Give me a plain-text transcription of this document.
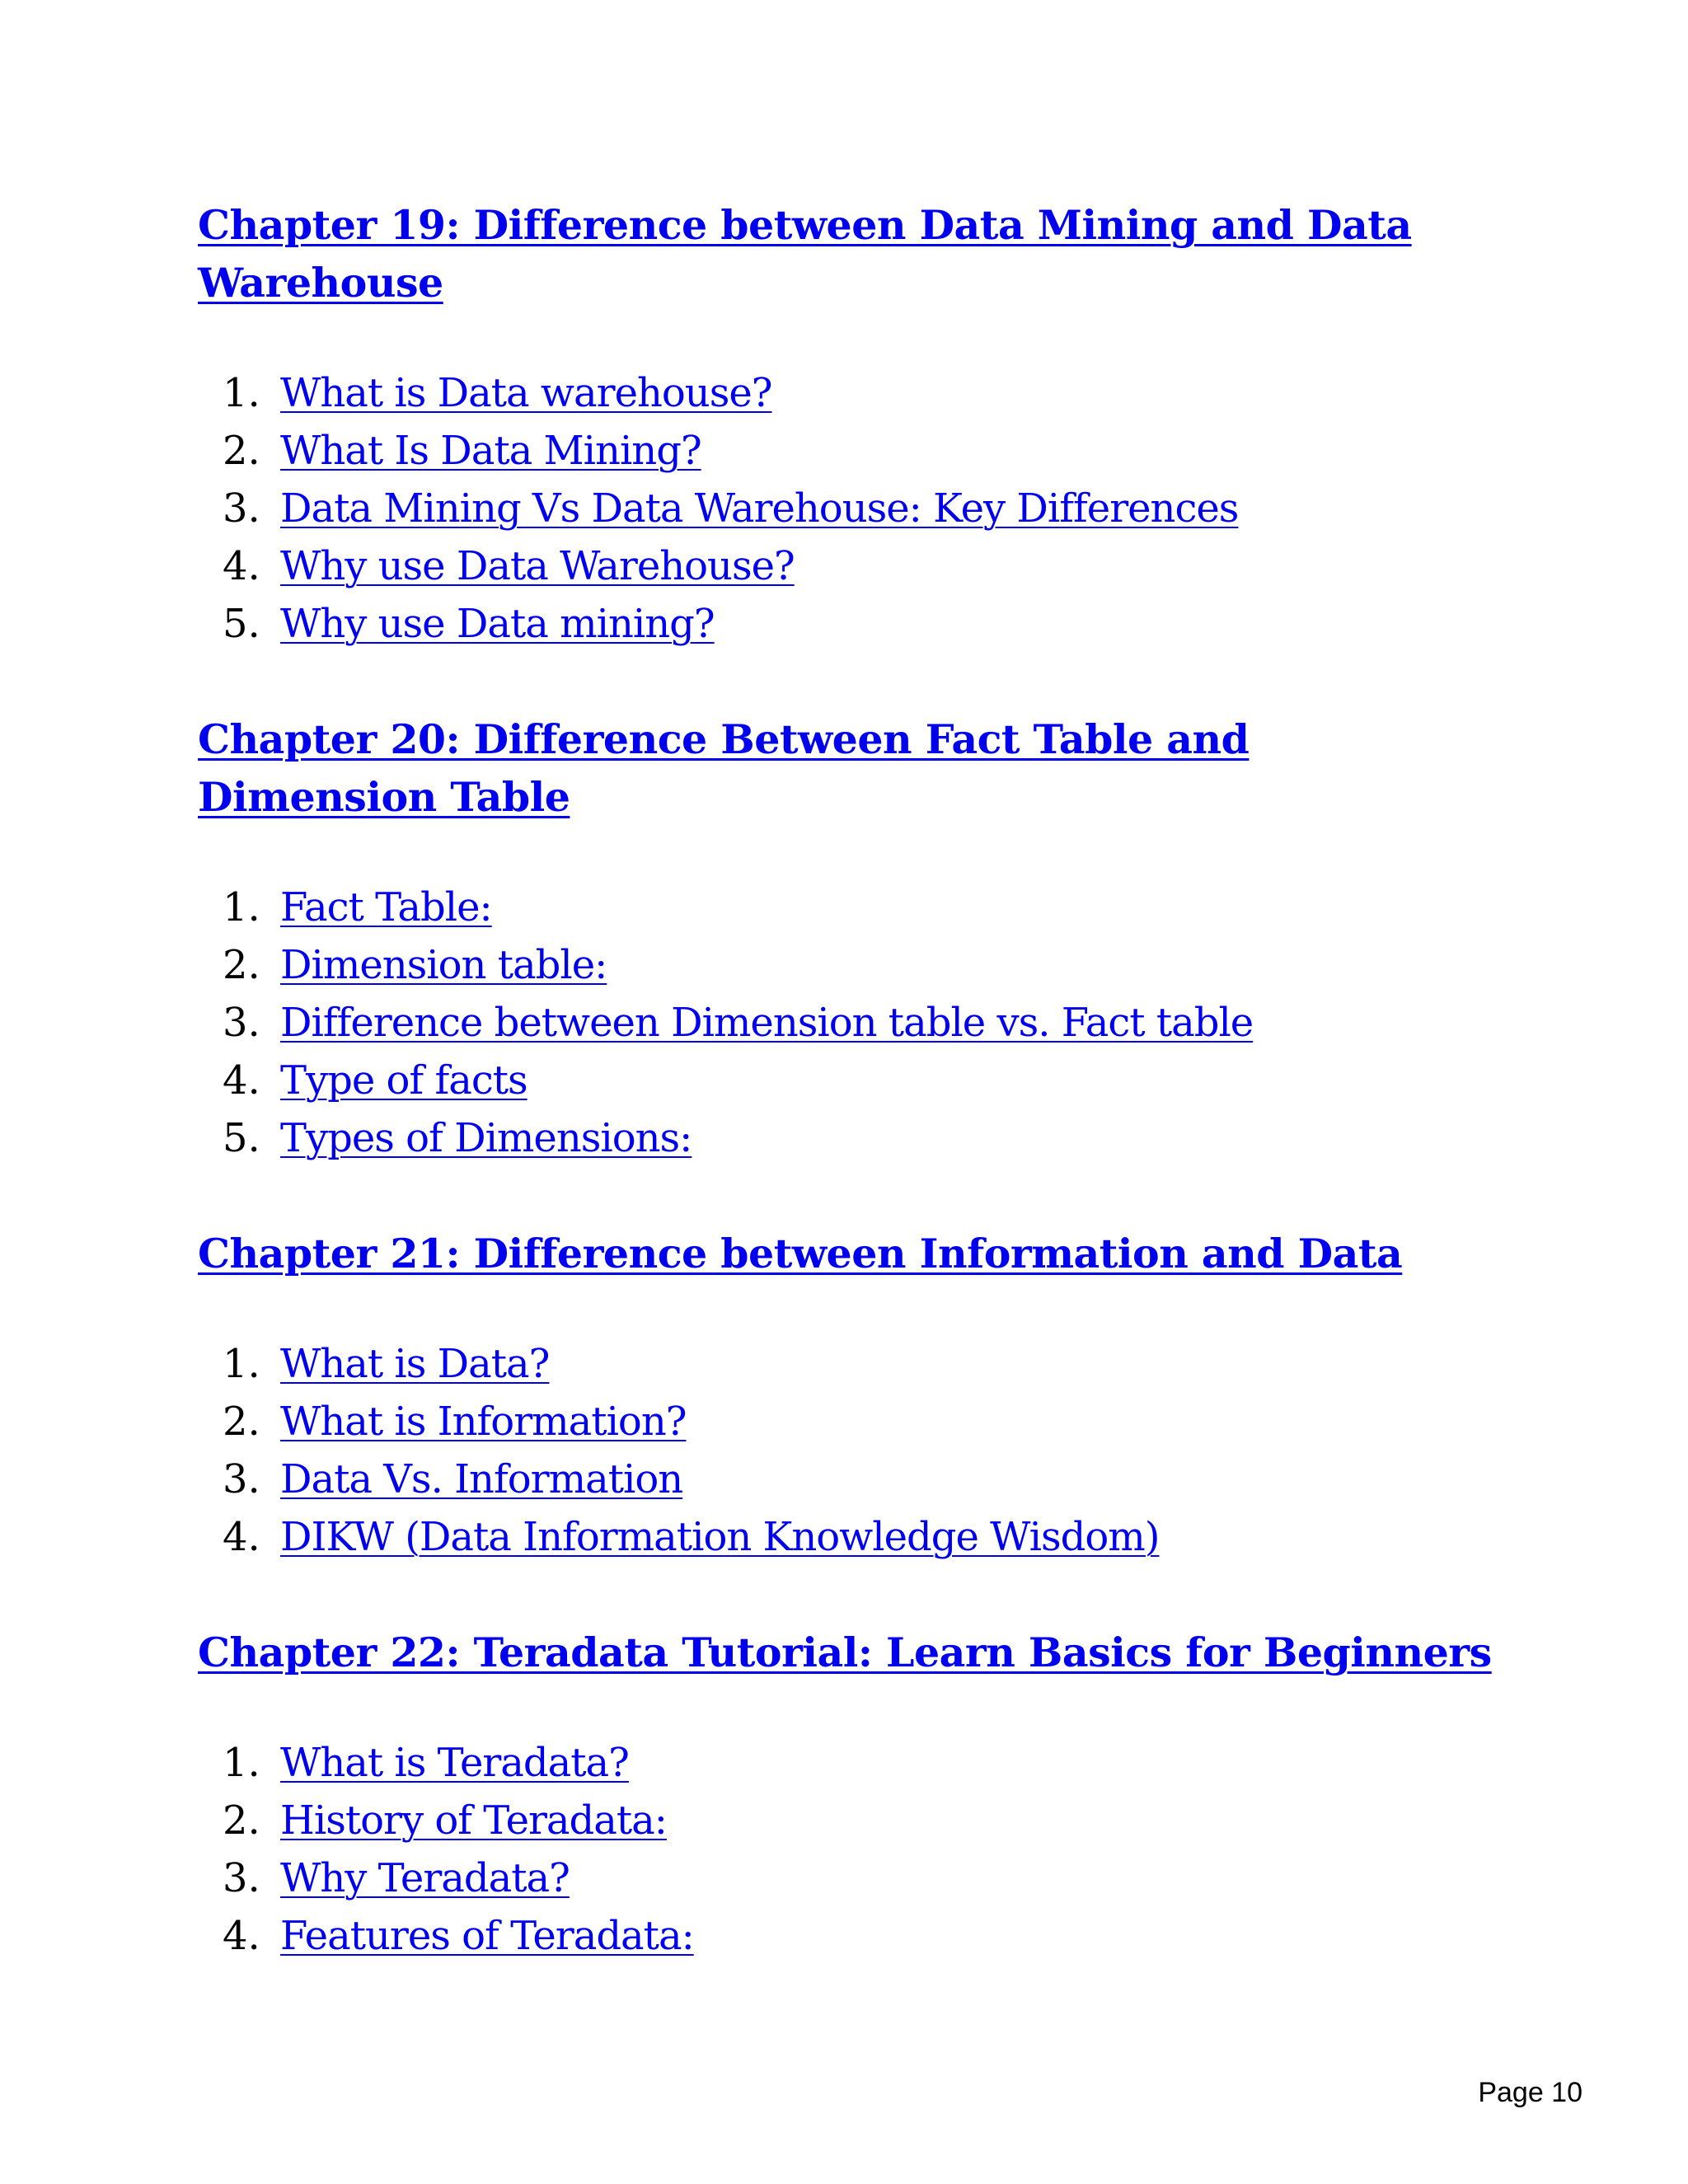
Chapter 19: Difference between Data Mining and Data Warehouse
1. What is Data warehouse?
2. What Is Data Mining?
3. Data Mining Vs Data Warehouse: Key Differences
4. Why use Data Warehouse?
5. Why use Data mining?
Chapter 20: Difference Between Fact Table and Dimension Table
1. Fact Table:
2. Dimension table:
3. Difference between Dimension table vs. Fact table
4. Type of facts
5. Types of Dimensions:
Chapter 21: Difference between Information and Data
1. What is Data?
2. What is Information?
3. Data Vs. Information
4. DIKW (Data Information Knowledge Wisdom)
Chapter 22: Teradata Tutorial: Learn Basics for Beginners
1. What is Teradata?
2. History of Teradata:
3. Why Teradata?
4. Features of Teradata:
Page 10
